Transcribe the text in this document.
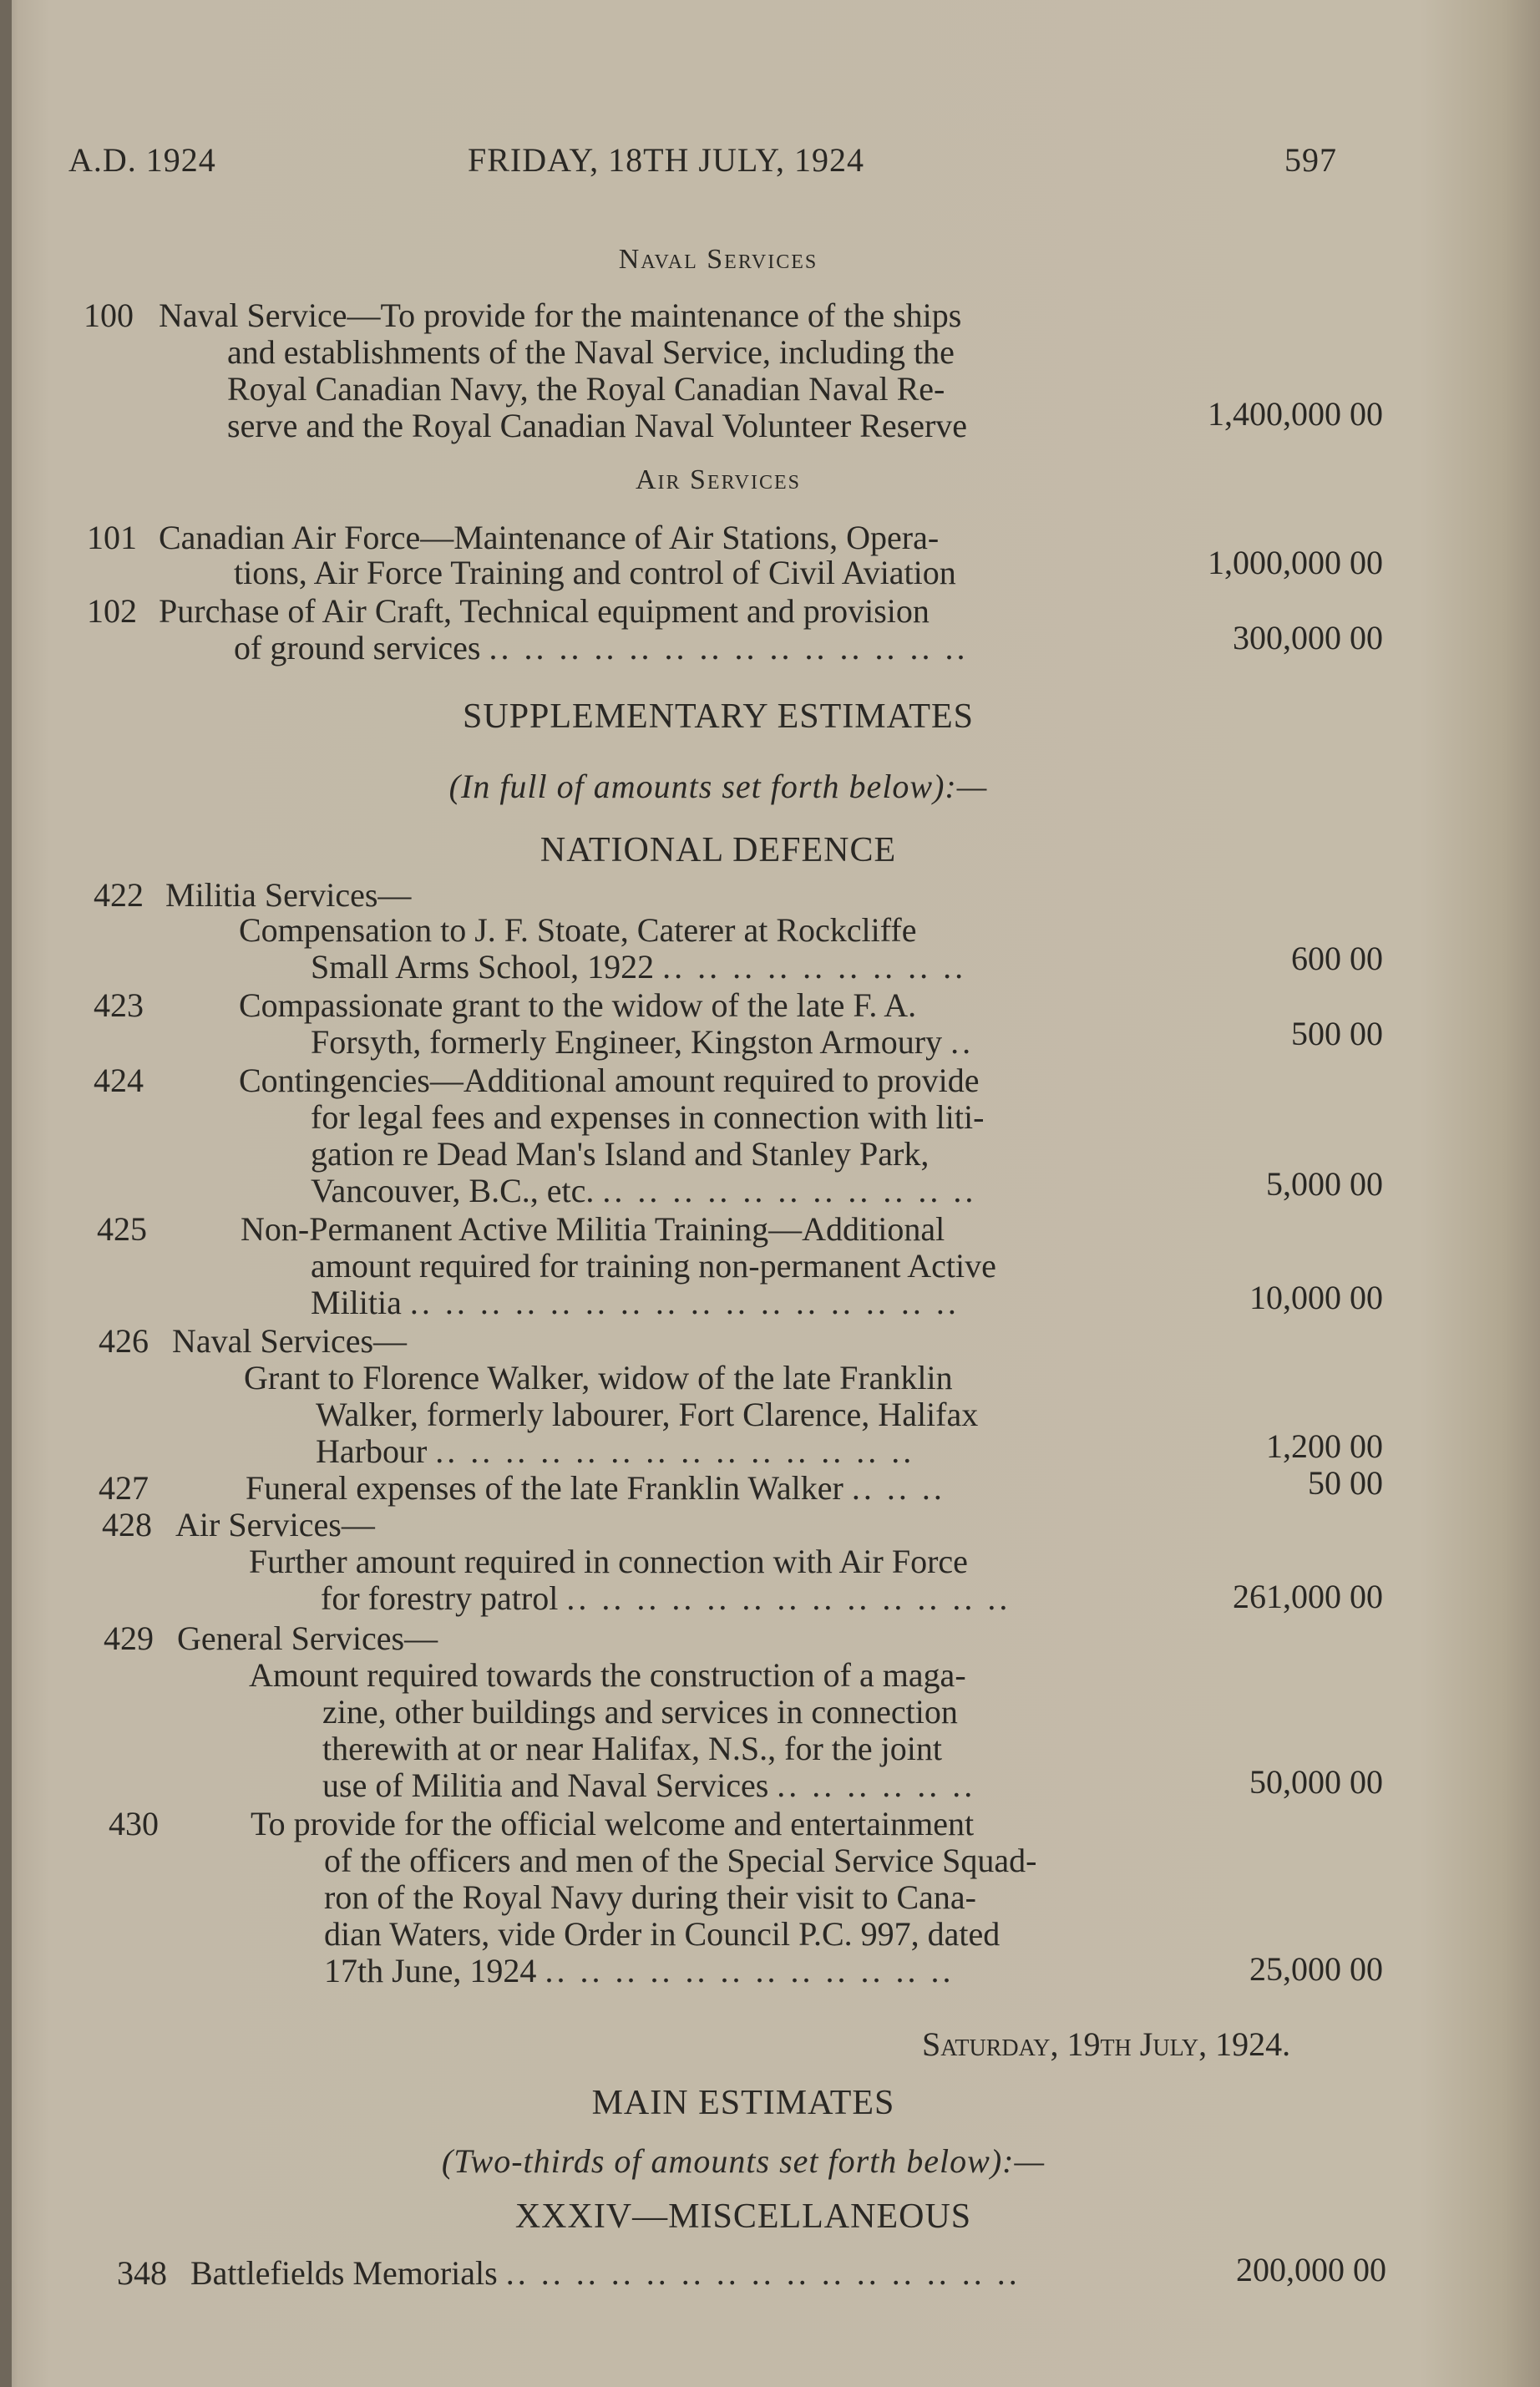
A.D. 1924	FRIDAY, 18TH JULY, 1924	597
Naval Services
100 Naval Service—To provide for the maintenance of the ships
and establishments of the Naval Service, including the
Royal Canadian Navy, the Royal Canadian Naval Re-
serve and the Royal Canadian Naval Volunteer Reserve	1,400,000 00
Air Services
101 Canadian Air Force—Maintenance of Air Stations, Opera-
tions, Air Force Training and control of Civil Aviation	1,000,000 00
102 Purchase of Air Craft, Technical equipment and provision
of ground services .. .. .. .. .. .. .. .. .. .. .. .. .. ..	300,000 00
SUPPLEMENTARY ESTIMATES
(In full of amounts set forth below):—
NATIONAL DEFENCE
422 Militia Services—
Compensation to J. F. Stoate, Caterer at Rockcliffe
Small Arms School, 1922 .. .. .. .. .. .. .. .. ..	600 00
423	Compassionate grant to the widow of the late F. A.
Forsyth, formerly Engineer, Kingston Armoury ..	500 00
424	Contingencies—Additional amount required to provide
for legal fees and expenses in connection with liti-
gation re Dead Man's Island and Stanley Park,
Vancouver, B.C., etc. .. .. .. .. .. .. .. .. .. .. ..	5,000 00
425	Non-Permanent Active Militia Training—Additional
amount required for training non-permanent Active
Militia .. .. .. .. .. .. .. .. .. .. .. .. .. .. .. ..	10,000 00
426 Naval Services—
Grant to Florence Walker, widow of the late Franklin
Walker, formerly labourer, Fort Clarence, Halifax
Harbour .. .. .. .. .. .. .. .. .. .. .. .. .. ..	1,200 00
427	Funeral expenses of the late Franklin Walker .. .. ..	50 00
428 Air Services—
Further amount required in connection with Air Force
for forestry patrol .. .. .. .. .. .. .. .. .. .. .. .. ..	261,000 00
429 General Services—
Amount required towards the construction of a maga-
zine, other buildings and services in connection
therewith at or near Halifax, N.S., for the joint
use of Militia and Naval Services .. .. .. .. .. ..	50,000 00
430	To provide for the official welcome and entertainment
of the officers and men of the Special Service Squad-
ron of the Royal Navy during their visit to Cana-
dian Waters, vide Order in Council P.C. 997, dated
17th June, 1924 .. .. .. .. .. .. .. .. .. .. .. ..	25,000 00
Saturday, 19th July, 1924.
MAIN ESTIMATES
(Two-thirds of amounts set forth below):—
XXXIV—MISCELLANEOUS
348 Battlefields Memorials .. .. .. .. .. .. .. .. .. .. .. .. .. .. ..	200,000 00
